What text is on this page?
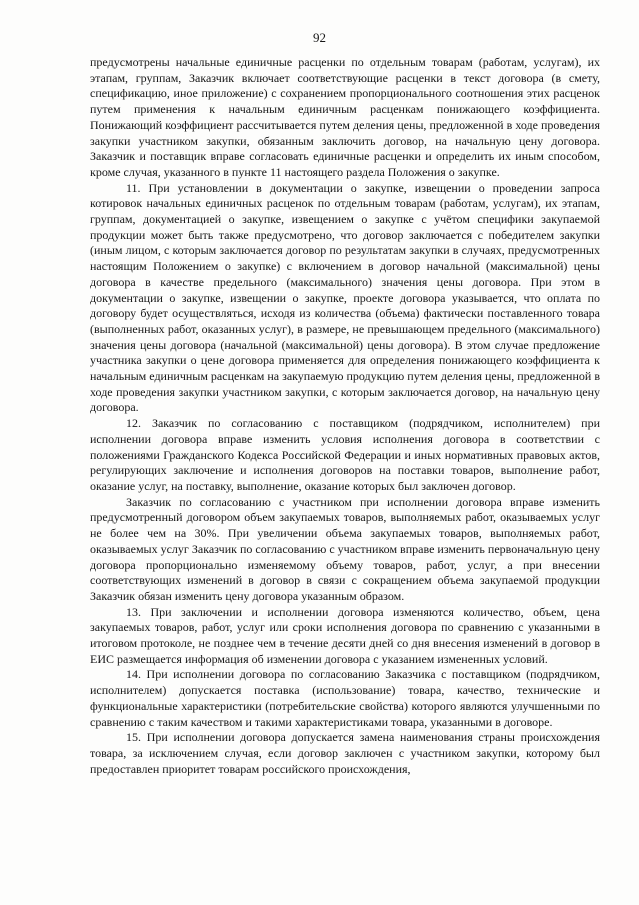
92

предусмотрены начальные единичные расценки по отдельным товарам (работам, услугам), их этапам, группам, Заказчик включает соответствующие расценки в текст договора (в смету, спецификацию, иное приложение) с сохранением пропорционального соотношения этих расценок путем применения к начальным единичным расценкам понижающего коэффициента. Понижающий коэффициент рассчитывается путем деления цены, предложенной в ходе проведения закупки участником закупки, обязанным заключить договор, на начальную цену договора. Заказчик и поставщик вправе согласовать единичные расценки и определить их иным способом, кроме случая, указанного в пункте 11 настоящего раздела Положения о закупке.

11. При установлении в документации о закупке, извещении о проведении запроса котировок начальных единичных расценок по отдельным товарам (работам, услугам), их этапам, группам, документацией о закупке, извещением о закупке с учётом специфики закупаемой продукции может быть также предусмотрено, что договор заключается с победителем закупки (иным лицом, с которым заключается договор по результатам закупки в случаях, предусмотренных настоящим Положением о закупке) с включением в договор начальной (максимальной) цены договора в качестве предельного (максимального) значения цены договора. При этом в документации о закупке, извещении о закупке, проекте договора указывается, что оплата по договору будет осуществляться, исходя из количества (объема) фактически поставленного товара (выполненных работ, оказанных услуг), в размере, не превышающем предельного (максимального) значения цены договора (начальной (максимальной) цены договора). В этом случае предложение участника закупки о цене договора применяется для определения понижающего коэффициента к начальным единичным расценкам на закупаемую продукцию путем деления цены, предложенной в ходе проведения закупки участником закупки, с которым заключается договор, на начальную цену договора.

12. Заказчик по согласованию с поставщиком (подрядчиком, исполнителем) при исполнении договора вправе изменить условия исполнения договора в соответствии с положениями Гражданского Кодекса Российской Федерации и иных нормативных правовых актов, регулирующих заключение и исполнения договоров на поставки товаров, выполнение работ, оказание услуг, на поставку, выполнение, оказание которых был заключен договор.

Заказчик по согласованию с участником при исполнении договора вправе изменить предусмотренный договором объем закупаемых товаров, выполняемых работ, оказываемых услуг не более чем на 30%. При увеличении объема закупаемых товаров, выполняемых работ, оказываемых услуг Заказчик по согласованию с участником вправе изменить первоначальную цену договора пропорционально изменяемому объему товаров, работ, услуг, а при внесении соответствующих изменений в договор в связи с сокращением объема закупаемой продукции Заказчик обязан изменить цену договора указанным образом.

13. При заключении и исполнении договора изменяются количество, объем, цена закупаемых товаров, работ, услуг или сроки исполнения договора по сравнению с указанными в итоговом протоколе, не позднее чем в течение десяти дней со дня внесения изменений в договор в ЕИС размещается информация об изменении договора с указанием измененных условий.

14. При исполнении договора по согласованию Заказчика с поставщиком (подрядчиком, исполнителем) допускается поставка (использование) товара, качество, технические и функциональные характеристики (потребительские свойства) которого являются улучшенными по сравнению с таким качеством и такими характеристиками товара, указанными в договоре.

15. При исполнении договора допускается замена наименования страны происхождения товара, за исключением случая, если договор заключен с участником закупки, которому был предоставлен приоритет товарам российского происхождения,
